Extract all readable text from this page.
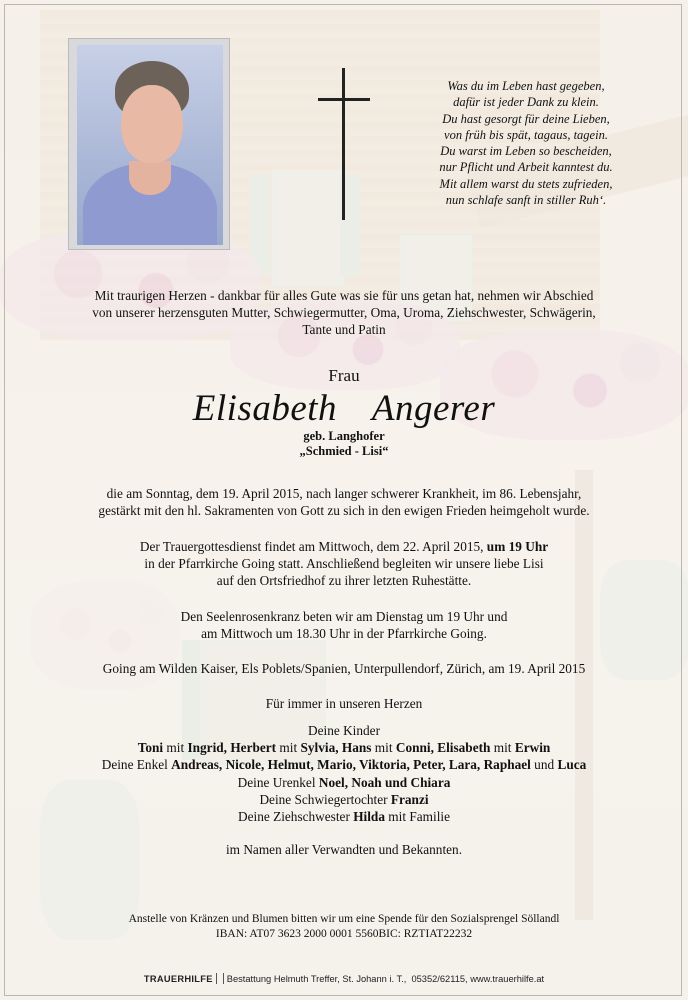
Was du im Leben hast gegeben,
dafür ist jeder Dank zu klein.
Du hast gesorgt für deine Lieben,
von früh bis spät, tagaus, tagein.
Du warst im Leben so bescheiden,
nur Pflicht und Arbeit kanntest du.
Mit allem warst du stets zufrieden,
nun schlafe sanft in stiller Ruh‘.

Mit traurigen Herzen - dankbar für alles Gute was sie für uns getan hat, nehmen wir Abschied
von unserer herzensguten Mutter, Schwiegermutter, Oma, Uroma, Ziehschwester, Schwägerin,
Tante und Patin

Frau
Elisabeth  Angerer
geb. Langhofer
„Schmied - Lisi“

die am Sonntag, dem 19. April 2015, nach langer schwerer Krankheit, im 86. Lebensjahr,
gestärkt mit den hl. Sakramenten von Gott zu sich in den ewigen Frieden heimgeholt wurde.

Der Trauergottesdienst findet am Mittwoch, dem 22. April 2015, um 19 Uhr
in der Pfarrkirche Going statt. Anschließend begleiten wir unsere liebe Lisi
auf den Ortsfriedhof zu ihrer letzten Ruhestätte.

Den Seelenrosenkranz beten wir am Dienstag um 19 Uhr und
am Mittwoch um 18.30 Uhr in der Pfarrkirche Going.

Going am Wilden Kaiser, Els Poblets/Spanien, Unterpullendorf, Zürich, am 19. April 2015

Für immer in unseren Herzen

Deine Kinder
Toni mit Ingrid, Herbert mit Sylvia, Hans mit Conni, Elisabeth mit Erwin
Deine Enkel Andreas, Nicole, Helmut, Mario, Viktoria, Peter, Lara, Raphael und Luca
Deine Urenkel Noel, Noah und Chiara
Deine Schwiegertochter Franzi
Deine Ziehschwester Hilda mit Familie

im Namen aller Verwandten und Bekannten.

Anstelle von Kränzen und Blumen bitten wir um eine Spende für den Sozialsprengel Söllandl
IBAN: AT07 3623 2000 0001 5560BIC: RZTIAT22232

TRAUERHILFE Bestattung Helmuth Treffer, St. Johann i. T.,  05352/62115, www.trauerhilfe.at
